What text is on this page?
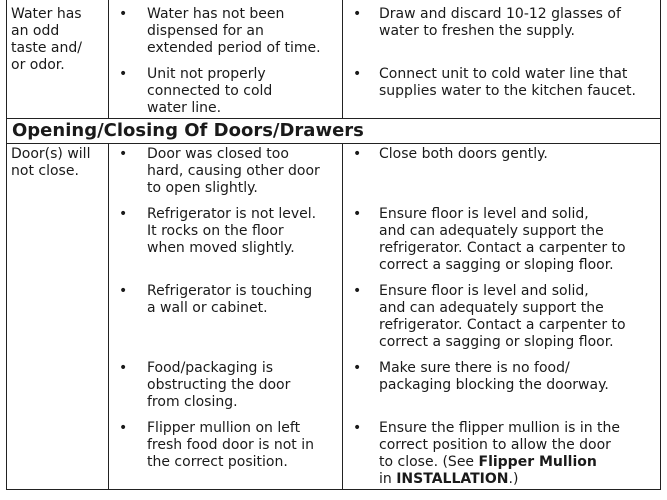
Water has
an odd
taste and/
or odor.
• Water has not been
dispensed for an
extended period of time.
• Draw and discard 10-12 glasses of
water to freshen the supply.
• Unit not properly
connected to cold
water line.
• Connect unit to cold water line that
supplies water to the kitchen faucet.
Opening/Closing Of Doors/Drawers
Door(s) will
not close.
• Door was closed too
hard, causing other door
to open slightly.
• Close both doors gently.
• Refrigerator is not level.
It rocks on the floor
when moved slightly.
• Ensure floor is level and solid,
and can adequately support the
refrigerator. Contact a carpenter to
correct a sagging or sloping floor.
• Refrigerator is touching
a wall or cabinet.
• Ensure floor is level and solid,
and can adequately support the
refrigerator. Contact a carpenter to
correct a sagging or sloping floor.
• Food/packaging is
obstructing the door
from closing.
• Make sure there is no food/
packaging blocking the doorway.
• Flipper mullion on left
fresh food door is not in
the correct position.
• Ensure the flipper mullion is in the
correct position to allow the door
to close. (See Flipper Mullion
in INSTALLATION.)
